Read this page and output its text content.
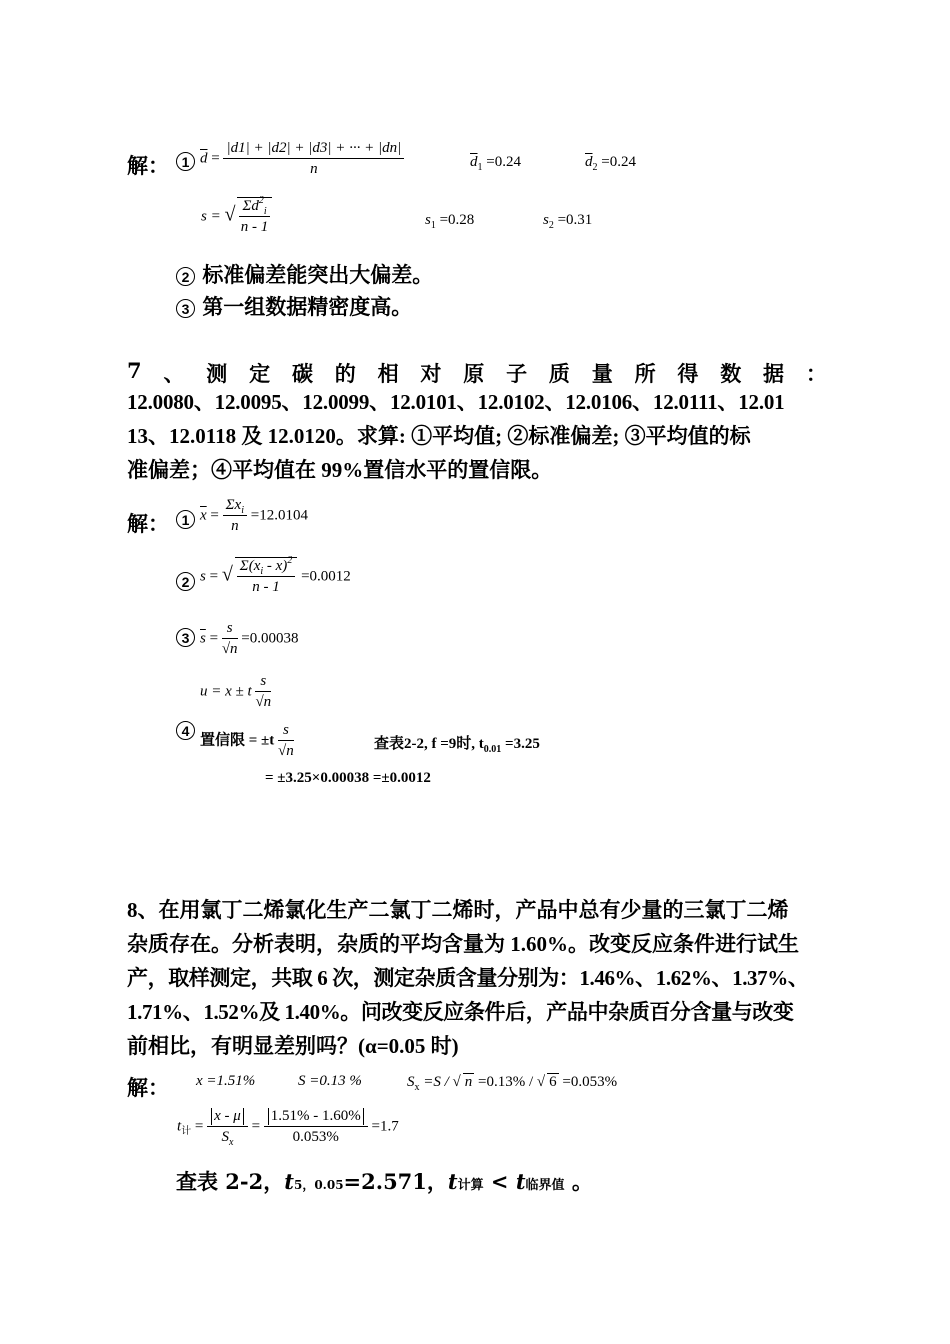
解： 1 $\overline{d} = \frac{|d1| + |d2| + |d3| + \cdot\cdot\cdot + |dn|}{n}$	$\overline{d}_1 =0.24$	$\overline{d}_2 =0.24$
s = √ $\frac{\Sigma d^2_i}{n - 1}$	$s_1 =0.28$	$s_2 =0.31$
2 标准偏差能突出大偏差。
3 第一组数据精密度高。
7 、 测 定 碳 的 相 对 原 子 质 量 所 得 数 据 ：
12.0080、12.0095、12.0099、12.0101、12.0102、12.0106、12.0111、12.01
13、12.0118 及 12.0120。求算: ①平均值; ②标准偏差; ③平均值的标
准偏差；④平均值在 99%置信水平的置信限。
解： 1 $\overline{x} = \frac{\Sigma x_i}{n} =12.0104$
2 s = √ $\frac{\Sigma(x_i - x)^2}{n - 1} =0.0012$
3 $\overline{s} = \frac{s}{√n} =0.00038$
u = x ± t $\frac{s}{√n}$
4
置信限 = $\pm t \frac{s}{√n}$	查表2-2, f =9时, $t_{0.01} =3.25$
= ±3.25×0.00038 =±0.0012
8、在用氯丁二烯氯化生产二氯丁二烯时，产品中总有少量的三氯丁二烯
杂质存在。分析表明，杂质的平均含量为 1.60%。改变反应条件进行试生
产，取样测定，共取 6 次，测定杂质含量分别为：1.46%、1.62%、1.37%、
1.71%、1.52%及 1.40%。问改变反应条件后，产品中杂质百分含量与改变
前相比，有明显差别吗？(α=0.05 时)
解： x =1.51%	S =0.13 %	$S_x =S$ / √ n =0.13% / √ 6 =0.053%
$t_计 = \frac{x - \mu}{S_x} = \frac{1.51\% - 1.60\%}{0.053\%} =1.7$
查表 2-2，t5，0.05=2.571，t计算 < t临界值 。
